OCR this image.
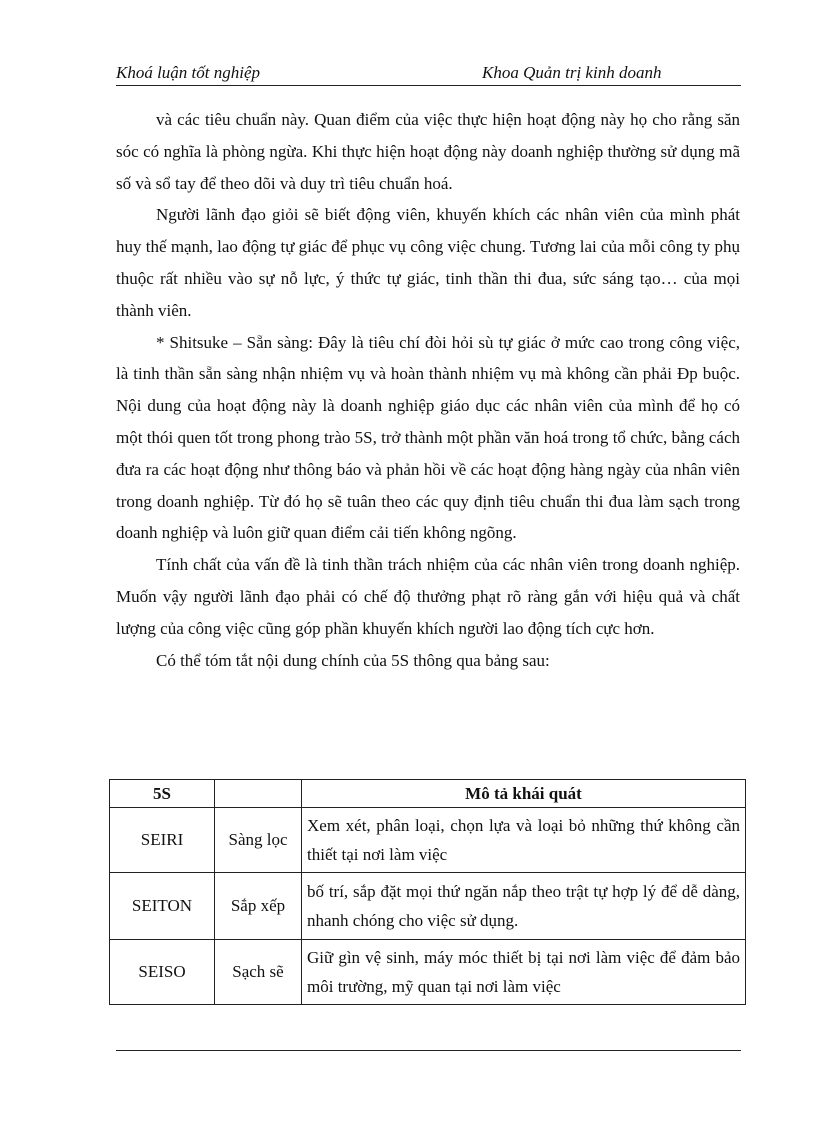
Khoá luận tốt nghiệp	Khoa Quản trị kinh doanh

và các tiêu chuẩn này. Quan điểm của việc thực hiện hoạt động này họ cho rằng săn sóc có nghĩa là phòng ngừa. Khi thực hiện hoạt động này doanh nghiệp thường sử dụng mã số và sổ tay để theo dõi và duy trì tiêu chuẩn hoá.

Người lãnh đạo giỏi sẽ biết động viên, khuyến khích các nhân viên của mình phát huy thế mạnh, lao động tự giác để phục vụ công việc chung. Tương lai của mỗi công ty phụ thuộc rất nhiều vào sự nỗ lực, ý thức tự giác, tinh thần thi đua, sức sáng tạo… của mọi thành viên.

* Shitsuke – Sẵn sàng: Đây là tiêu chí đòi hỏi sù tự giác ở mức cao trong công việc, là tinh thần sẵn sàng nhận nhiệm vụ và hoàn thành nhiệm vụ mà không cần phải Ðp buộc. Nội dung của hoạt động này là doanh nghiệp giáo dục các nhân viên của mình để họ có một thói quen tốt trong phong trào 5S, trở thành một phần văn hoá trong tổ chức, bằng cách đưa ra các hoạt động như thông báo và phản hồi về các hoạt động hàng ngày của nhân viên trong doanh nghiệp. Từ đó họ sẽ tuân theo các quy định tiêu chuẩn thi đua làm sạch trong doanh nghiệp và luôn giữ quan điểm cải tiến không ngõng.

Tính chất của vấn đề là tinh thần trách nhiệm của các nhân viên trong doanh nghiệp. Muốn vậy người lãnh đạo phải có chế độ thưởng phạt rõ ràng gắn với hiệu quả và chất lượng của công việc cũng góp phần khuyến khích người lao động tích cực hơn.

Có thể tóm tắt nội dung chính của 5S thông qua bảng sau:

5S		Mô tả khái quát
SEIRI	Sàng lọc	Xem xét, phân loại, chọn lựa và loại bỏ những thứ không cần thiết tại nơi làm việc
SEITON	Sắp xếp	bố trí, sắp đặt mọi thứ ngăn nắp theo trật tự hợp lý để dễ dàng, nhanh chóng cho việc sử dụng.
SEISO	Sạch sẽ	Giữ gìn vệ sinh, máy móc thiết bị tại nơi làm việc để đảm bảo môi trường, mỹ quan tại nơi làm việc
